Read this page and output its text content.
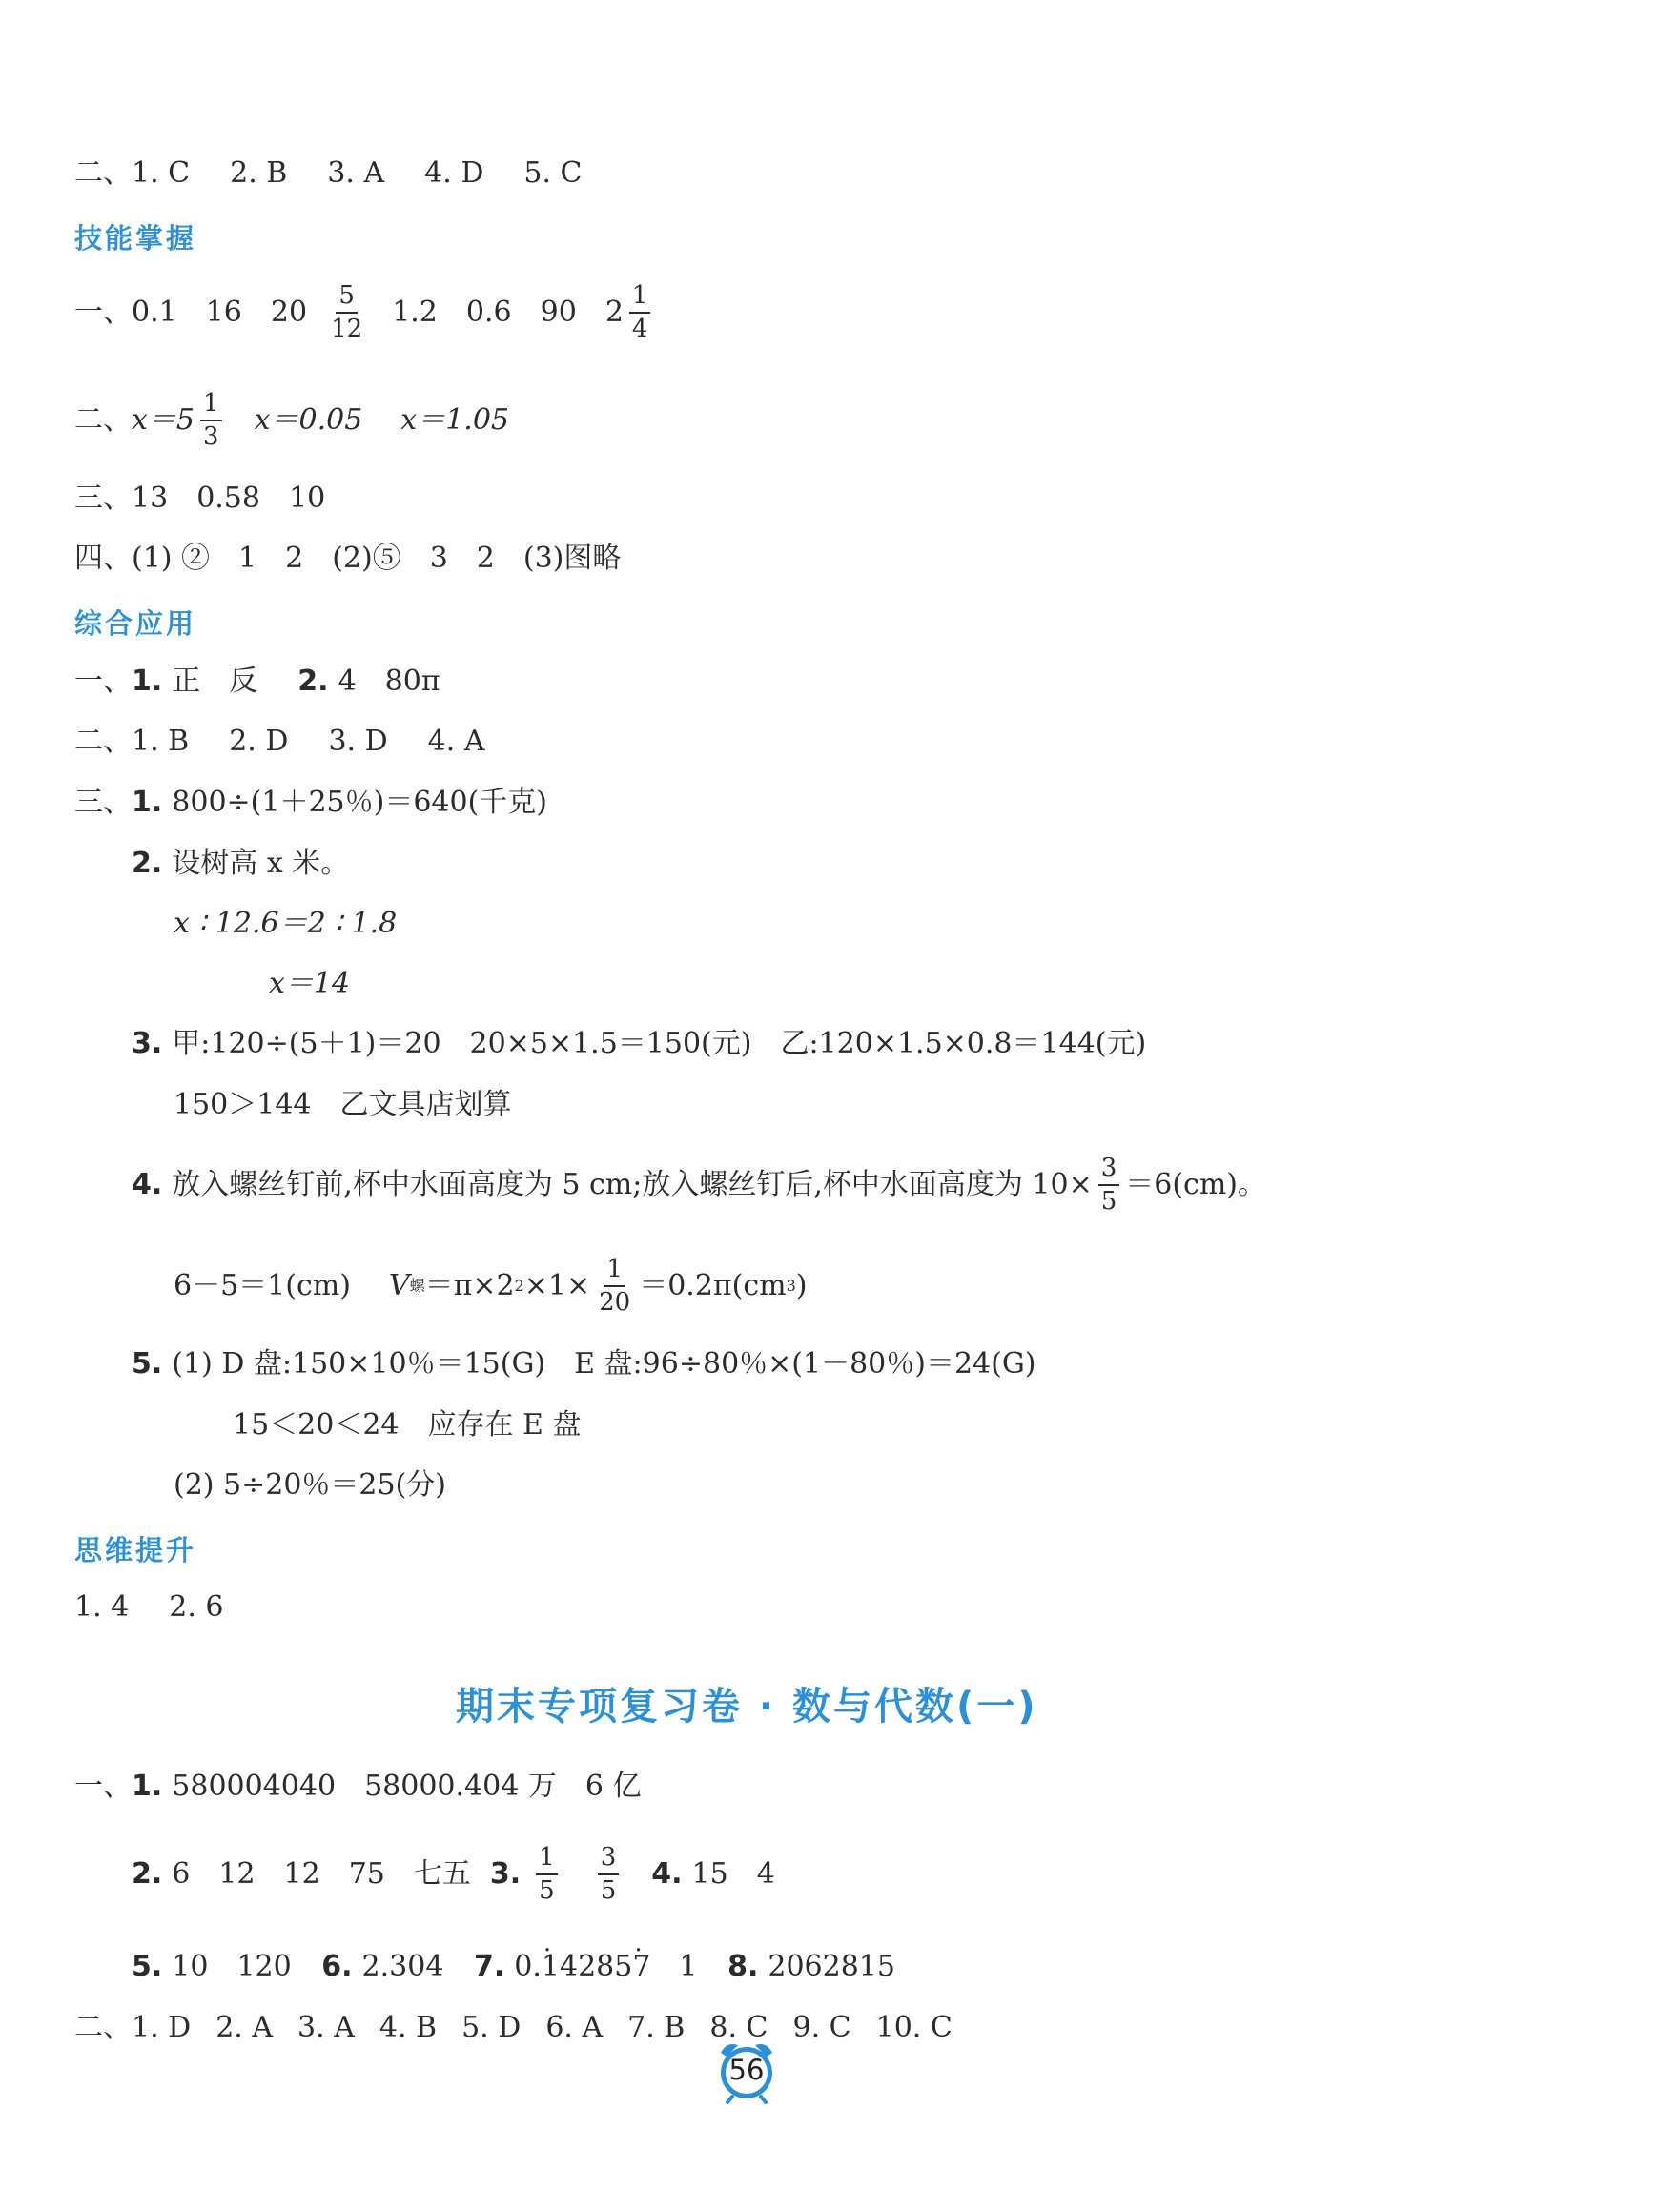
二、1. C 2. B 3. A 4. D 5. C
技能掌握
一、 0.1 16 $20 \frac{5}{12} 1.2$ 0.6 90 $2 \frac{1}{4}$
二、 $x=5 \frac{1}{3} x=0.05$ x＝1.05
三、13 0.58 10
四、(1) ②　1　2　(2)⑤　3　2　(3)图略
综合应用
一、1. 正　反 2. 4　80π
二、1. B 2. D 3. D 4. A
三、1. 800÷(1＋25％)＝640(千克)
2. 设树高 x 米。
x ∶ 12.6＝2 ∶ 1.8
x＝14
3. 甲:120÷(5＋1)＝20　20×5×1.5＝150(元)　乙:120×1.5×0.8＝144(元)
150＞144　乙文具店划算
4. 放入螺丝钉前,杯中水面高度为 5 cm;放入螺丝钉后,杯中水面高度为 $10\times \frac{3}{5} =6(cm)$。
6－5＝1(cm) V 螺 ＝π×2 $2 \times 1\times \frac{1}{20} =0.2\pi(cm$ 3 )
5. (1) D 盘:150×10％＝15(G)　E 盘:96÷80％×(1－80％)＝24(G)
15＜20＜24　应存在 E 盘
(2) 5÷20％＝25(分)
思维提升
1. 4 2. 6
期末专项复习卷 · 数与代数(一)
一、1. 580004040　58000.404 万　6 亿
2. 6　12　12　75　七五 3. $\frac{1}{5} \frac{3}{5} 4$. 15　4
5. 10　120 6. 2.304 7. 0.. 14285. 7　1 8. 2062815
二、1. D 2. A 3. A 4. B 5. D 6. A 7. B 8. C 9. C 10. C
56
